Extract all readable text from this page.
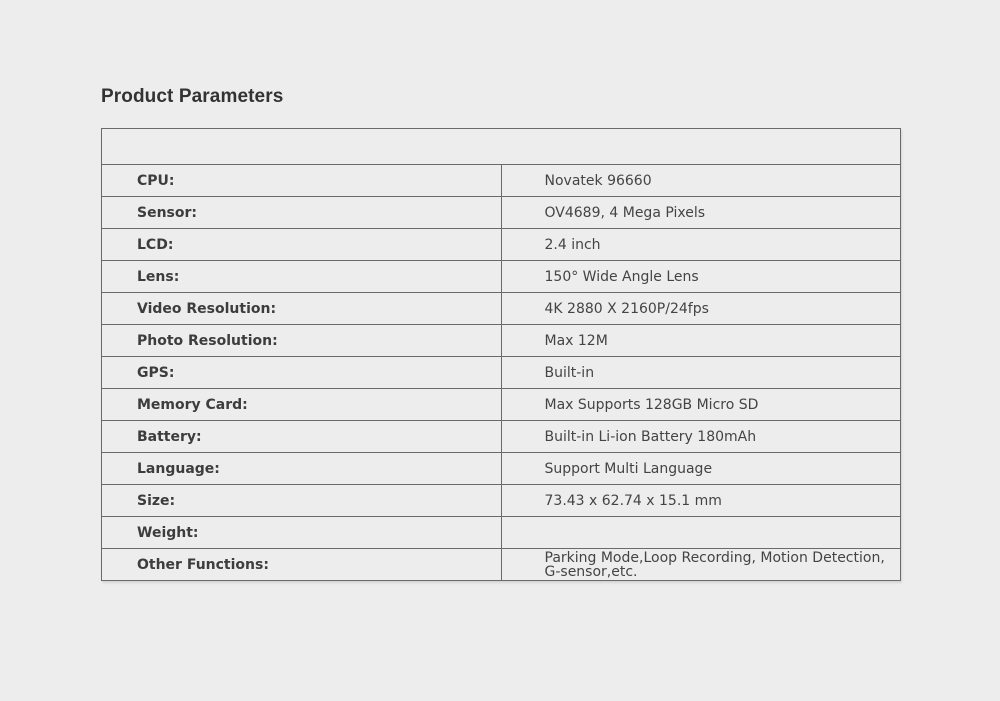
Product Parameters

CPU:	Novatek 96660
Sensor:	OV4689, 4 Mega Pixels
LCD:	2.4 inch
Lens:	150° Wide Angle Lens
Video Resolution:	4K 2880 X 2160P/24fps
Photo Resolution:	Max 12M
GPS:	Built-in
Memory Card:	Max Supports 128GB Micro SD
Battery:	Built-in Li-ion Battery 180mAh
Language:	Support Multi Language
Size:	73.43 x 62.74 x 15.1 mm
Weight:	
Other Functions:	Parking Mode,Loop Recording, Motion Detection, G-sensor,etc.
